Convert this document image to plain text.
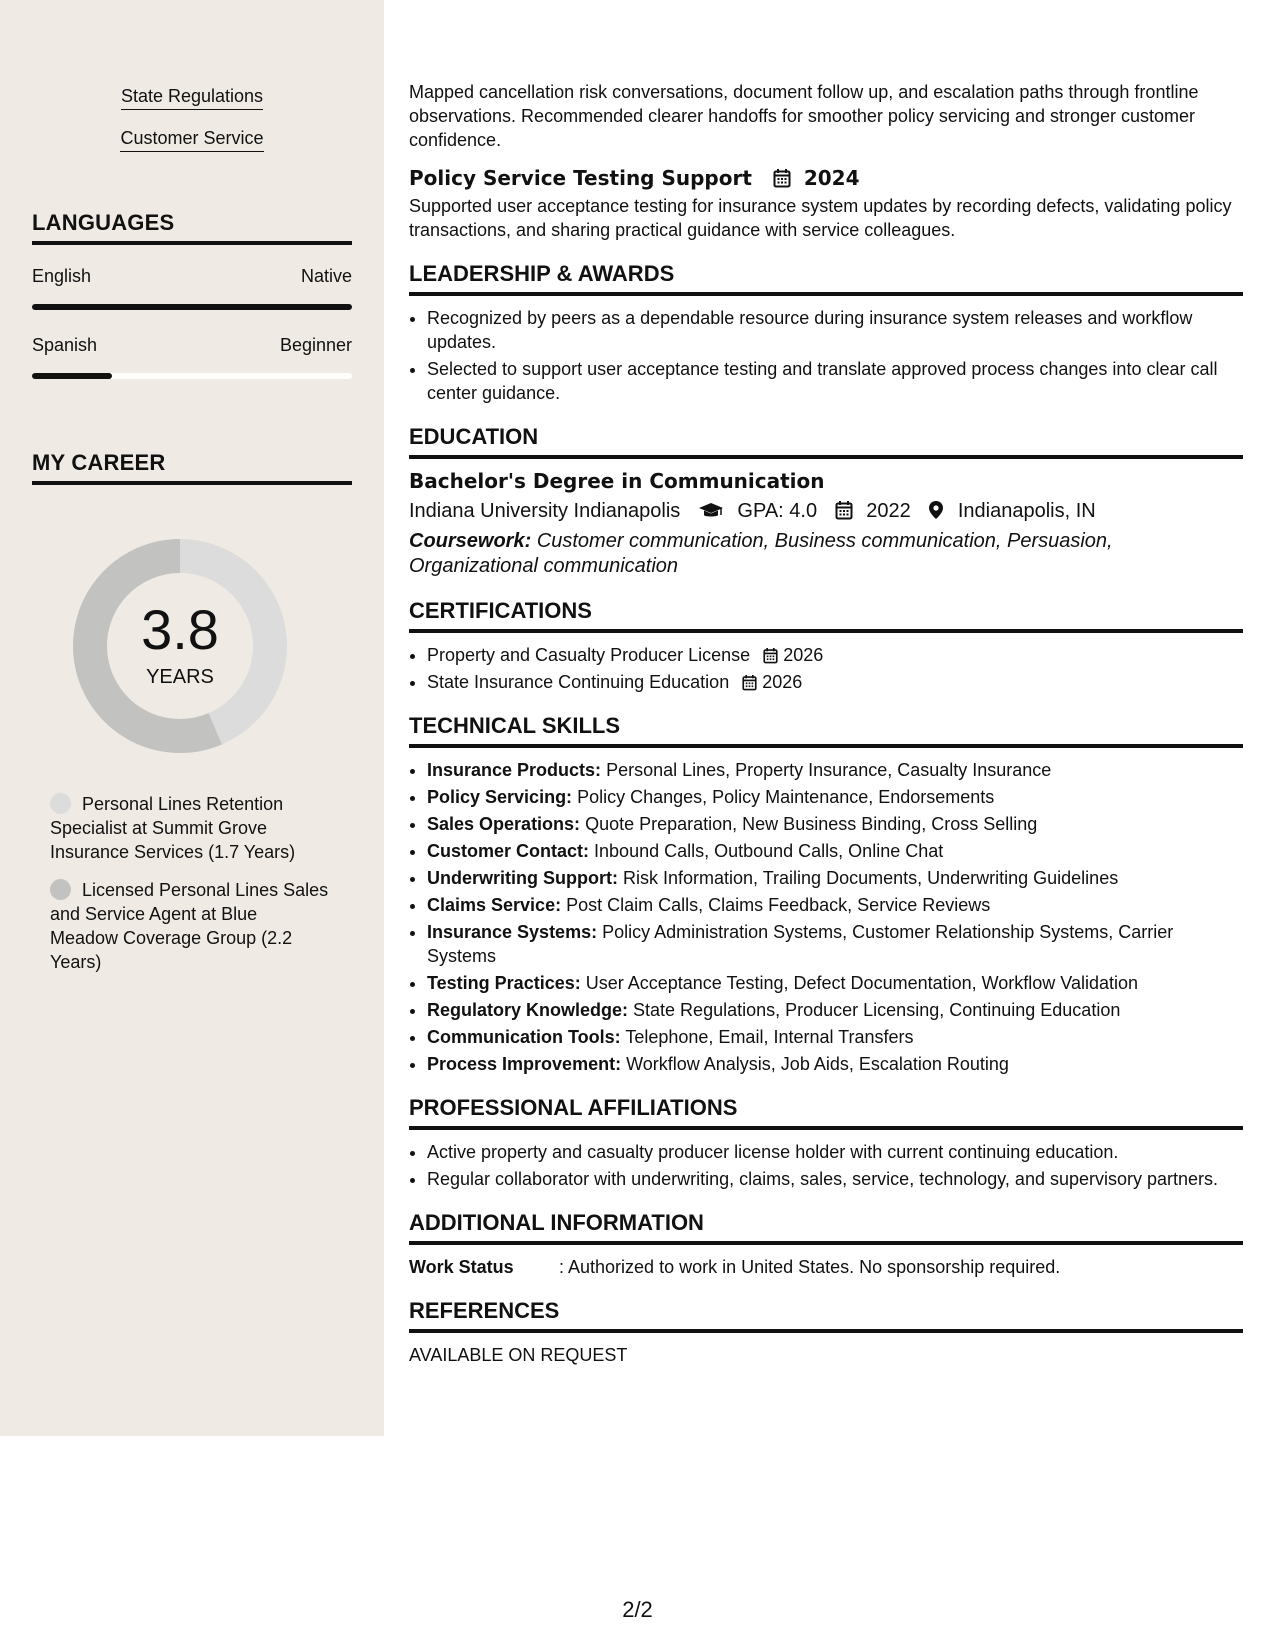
State Regulations
Customer Service
LANGUAGES
English	Native
Spanish	Beginner
MY CAREER
3.8
YEARS
Personal Lines Retention Specialist at Summit Grove Insurance Services (1.7 Years)
Licensed Personal Lines Sales and Service Agent at Blue Meadow Coverage Group (2.2 Years)

Mapped cancellation risk conversations, document follow up, and escalation paths through frontline observations. Recommended clearer handoffs for smoother policy servicing and stronger customer confidence.

Policy Service Testing Support	2024

Supported user acceptance testing for insurance system updates by recording defects, validating policy transactions, and sharing practical guidance with service colleagues.

LEADERSHIP & AWARDS
• Recognized by peers as a dependable resource during insurance system releases and workflow updates.
• Selected to support user acceptance testing and translate approved process changes into clear call center guidance.
EDUCATION
Bachelor's Degree in Communication
Indiana University Indianapolis	GPA: 4.0 2022 Indianapolis, IN
Coursework: Customer communication, Business communication, Persuasion, Organizational communication
CERTIFICATIONS
• Property and Casualty Producer License 2026
• State Insurance Continuing Education 2026
TECHNICAL SKILLS
• Insurance Products: Personal Lines, Property Insurance, Casualty Insurance
• Policy Servicing: Policy Changes, Policy Maintenance, Endorsements
• Sales Operations: Quote Preparation, New Business Binding, Cross Selling
• Customer Contact: Inbound Calls, Outbound Calls, Online Chat
• Underwriting Support: Risk Information, Trailing Documents, Underwriting Guidelines
• Claims Service: Post Claim Calls, Claims Feedback, Service Reviews
• Insurance Systems: Policy Administration Systems, Customer Relationship Systems, Carrier Systems
• Testing Practices: User Acceptance Testing, Defect Documentation, Workflow Validation
• Regulatory Knowledge: State Regulations, Producer Licensing, Continuing Education
• Communication Tools: Telephone, Email, Internal Transfers
• Process Improvement: Workflow Analysis, Job Aids, Escalation Routing
PROFESSIONAL AFFILIATIONS
• Active property and casualty producer license holder with current continuing education.
• Regular collaborator with underwriting, claims, sales, service, technology, and supervisory partners.
ADDITIONAL INFORMATION
Work Status	: Authorized to work in United States. No sponsorship required.
REFERENCES
AVAILABLE ON REQUEST
2/2
